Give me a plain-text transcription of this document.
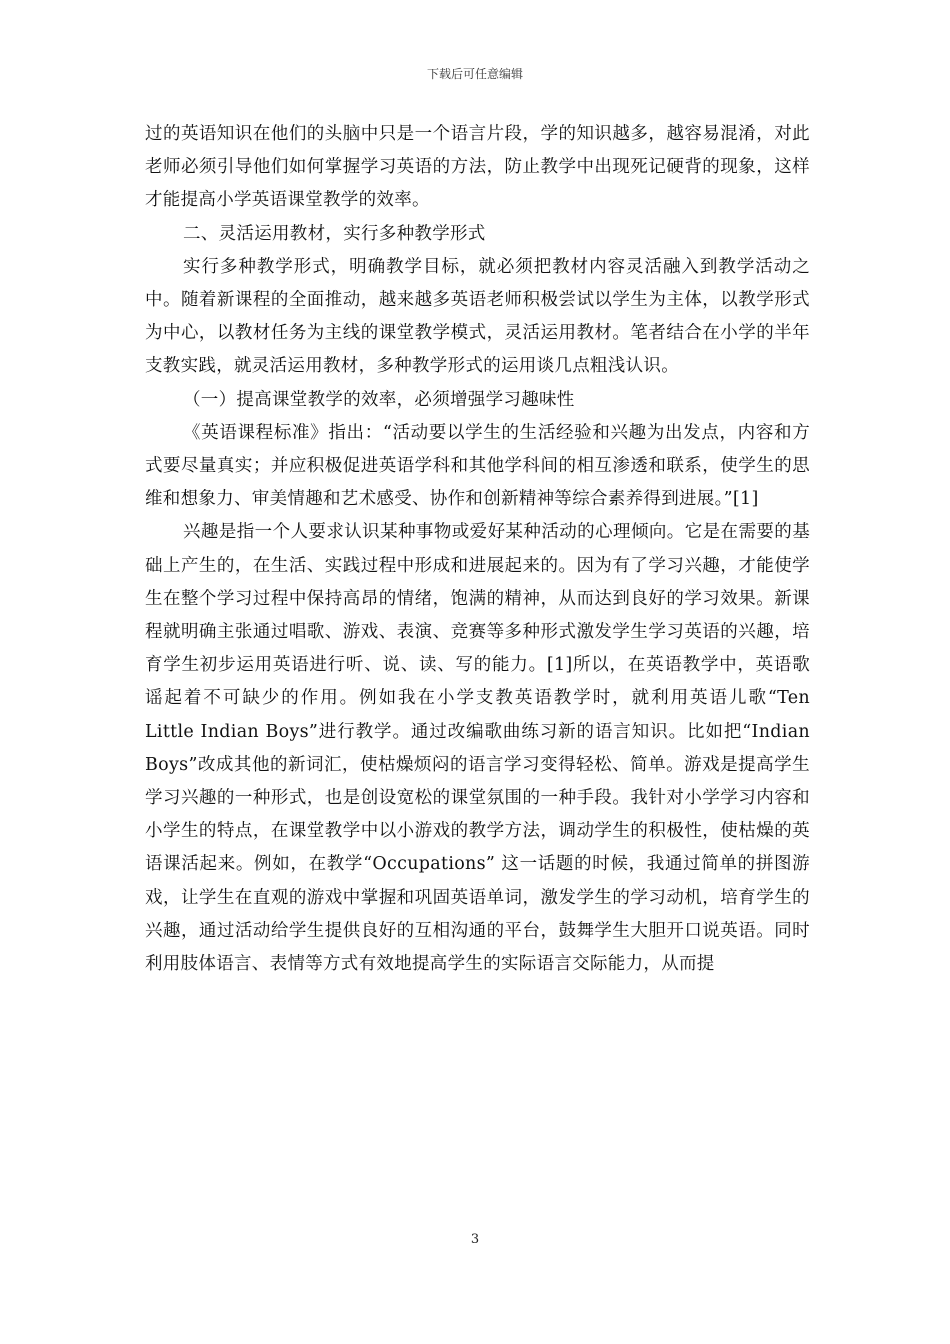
下载后可任意编辑

过的英语知识在他们的头脑中只是一个语言片段，学的知识越多，越容易混淆，对此老师必须引导他们如何掌握学习英语的方法，防止教学中出现死记硬背的现象，这样才能提高小学英语课堂教学的效率。

二、灵活运用教材，实行多种教学形式

实行多种教学形式，明确教学目标，就必须把教材内容灵活融入到教学活动之中。随着新课程的全面推动，越来越多英语老师积极尝试以学生为主体，以教学形式为中心，以教材任务为主线的课堂教学模式，灵活运用教材。笔者结合在小学的半年支教实践，就灵活运用教材，多种教学形式的运用谈几点粗浅认识。

（一）提高课堂教学的效率，必须增强学习趣味性

《英语课程标准》指出：“活动要以学生的生活经验和兴趣为出发点，内容和方式要尽量真实；并应积极促进英语学科和其他学科间的相互渗透和联系，使学生的思维和想象力、审美情趣和艺术感受、协作和创新精神等综合素养得到进展。”[1]

兴趣是指一个人要求认识某种事物或爱好某种活动的心理倾向。它是在需要的基础上产生的，在生活、实践过程中形成和进展起来的。因为有了学习兴趣，才能使学生在整个学习过程中保持高昂的情绪，饱满的精神，从而达到良好的学习效果。新课程就明确主张通过唱歌、游戏、表演、竞赛等多种形式激发学生学习英语的兴趣，培育学生初步运用英语进行听、说、读、写的能力。[1]所以，在英语教学中，英语歌谣起着不可缺少的作用。例如我在小学支教英语教学时，就利用英语儿歌“Ten Little Indian Boys”进行教学。通过改编歌曲练习新的语言知识。比如把“Indian Boys”改成其他的新词汇，使枯燥烦闷的语言学习变得轻松、简单。游戏是提高学生学习兴趣的一种形式，也是创设宽松的课堂氛围的一种手段。我针对小学学习内容和小学生的特点，在课堂教学中以小游戏的教学方法，调动学生的积极性，使枯燥的英语课活起来。例如，在教学“Occupations” 这一话题的时候，我通过简单的拼图游戏，让学生在直观的游戏中掌握和巩固英语单词，激发学生的学习动机，培育学生的兴趣，通过活动给学生提供良好的互相沟通的平台，鼓舞学生大胆开口说英语。同时利用肢体语言、表情等方式有效地提高学生的实际语言交际能力，从而提

3
